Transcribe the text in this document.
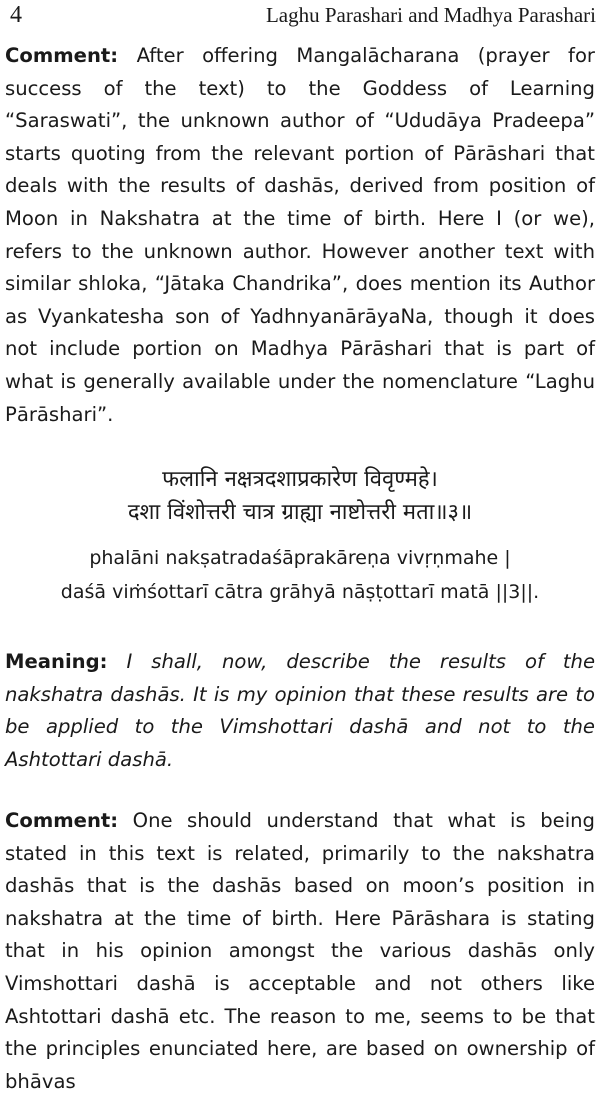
4	Laghu Parashari and Madhya Parashari

Comment: After offering Mangalācharana (prayer for success of the text) to the Goddess of Learning “Saraswati”, the unknown author of “Ududāya Pradeepa” starts quoting from the relevant portion of Pārāshari that deals with the results of dashās, derived from position of Moon in Nakshatra at the time of birth. Here I (or we), refers to the unknown author. However another text with similar shloka, “Jātaka Chandrika”, does mention its Author as Vyankatesha son of YadhnyanārāyaNa, though it does not include portion on Madhya Pārāshari that is part of what is generally available under the nomenclature “Laghu Pārāshari”.

फलानि नक्षत्रदशाप्रकारेण विवृण्महे।
दशा विंशोत्तरी चात्र ग्राह्या नाष्टोत्तरी मता॥३॥
phalāni nakṣatradaśāprakāreṇa vivṛṇmahe |
daśā viṁśottarī cātra grāhyā nāṣṭottarī matā ||3||.

Meaning: I shall, now, describe the results of the nakshatra dashās. It is my opinion that these results are to be applied to the Vimshottari dashā and not to the Ashtottari dashā.

Comment: One should understand that what is being stated in this text is related, primarily to the nakshatra dashās that is the dashās based on moon’s position in nakshatra at the time of birth. Here Pārāshara is stating that in his opinion amongst the various dashās only Vimshottari dashā is acceptable and not others like Ashtottari dashā etc. The reason to me, seems to be that the principles enunciated here, are based on ownership of bhāvas
